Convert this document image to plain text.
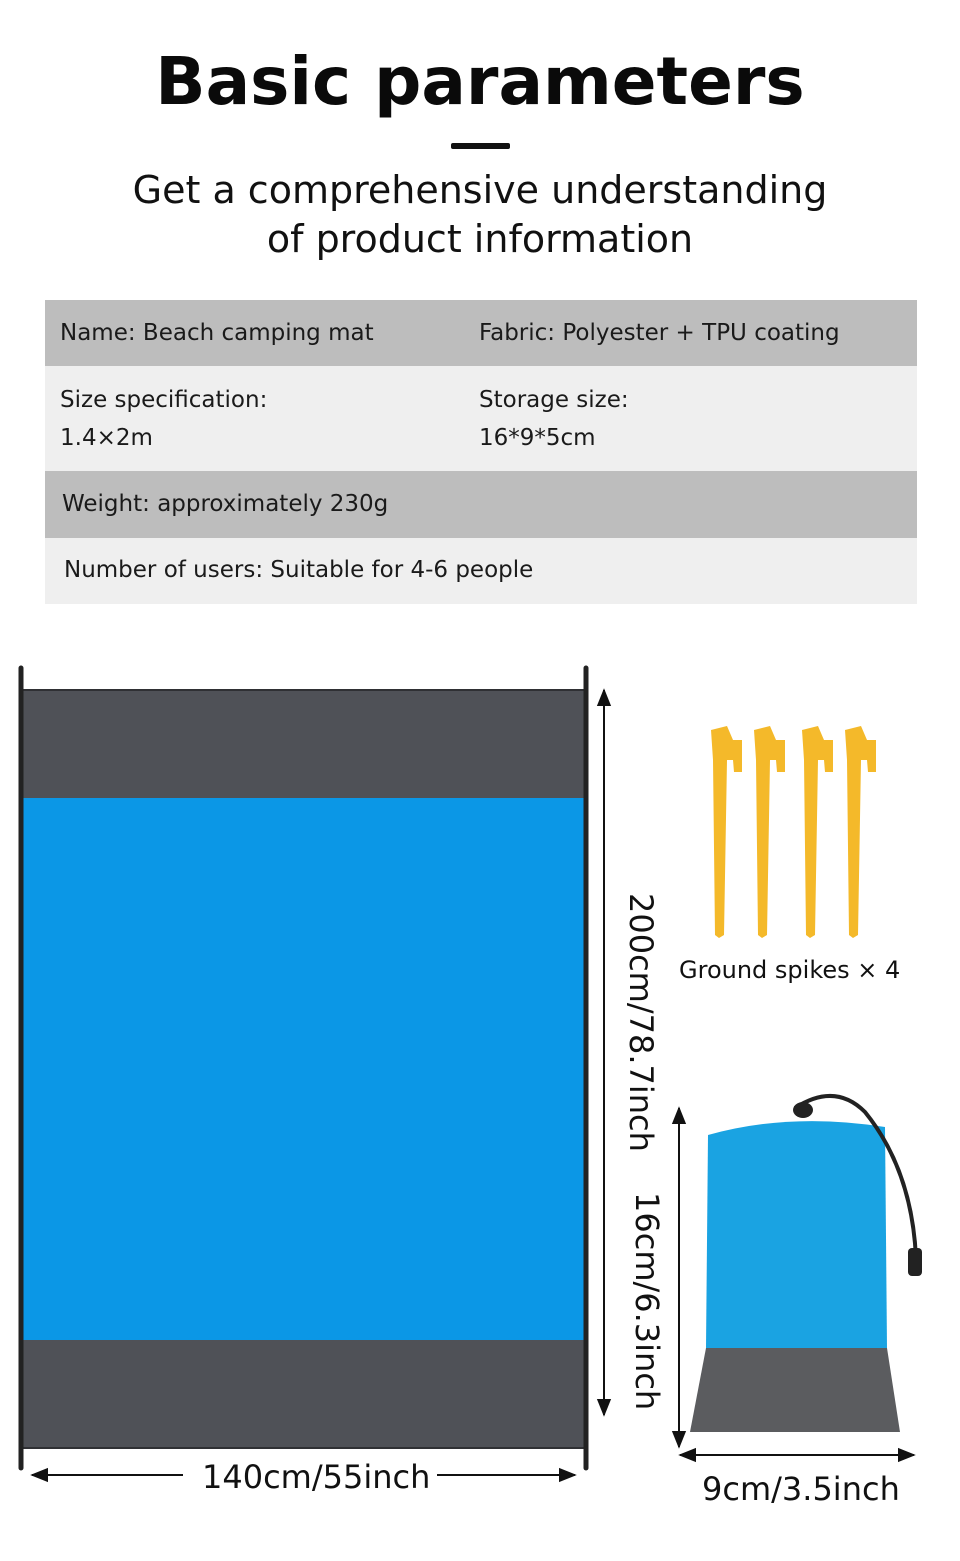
Basic parameters
Get a comprehensive understanding
of product information
Name: Beach camping mat	Fabric: Polyester + TPU coating
Size specification:
1.4×2m
Storage size:
16*9*5cm
Weight: approximately 230g
Number of users: Suitable for 4-6 people
140cm/55inch
200cm/78.7inch Ground spikes × 4
16cm/6.3inch
9cm/3.5inch
